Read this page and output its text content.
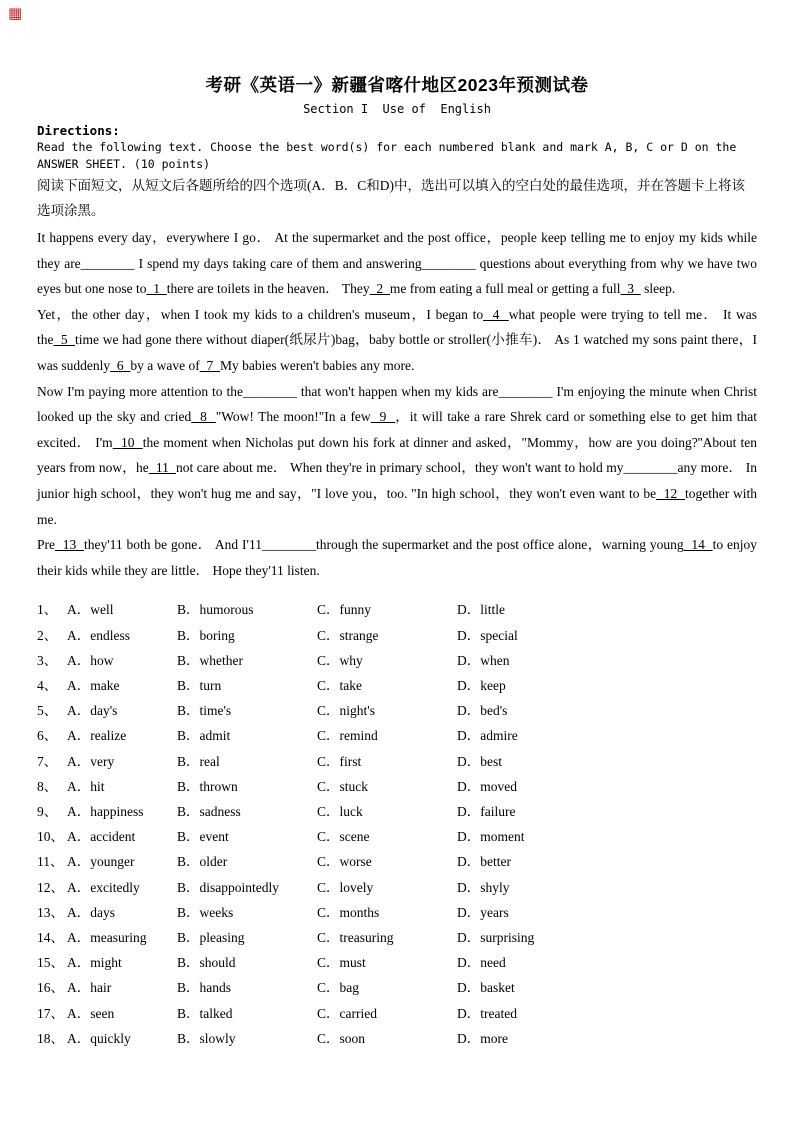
▦
考研《英语一》新疆省喀什地区2023年预测试卷
Section I  Use of  English
Directions:
Read the following text. Choose the best word(s) for each numbered blank and mark A, B, C or D on the ANSWER SHEET. (10 points)
阅读下面短文，从短文后各题所给的四个选项(A．B．C和D)中，选出可以填入的空白处的最佳选项，并在答题卡上将该选项涂黑。

It happens every day，everywhere I go． At the supermarket and the post office，people keep telling me to enjoy my kids while they are________ I spend my days taking care of them and answering________ questions about everything from why we have two eyes but one nose to  1  there are toilets in the heaven． They  2  me from eating a full meal or getting a full  3   sleep.

Yet，the other day，when I took my kids to a children's museum，I began to  4  what people were trying to tell me． It was the  5  time we had gone there without diaper(纸尿片)bag，baby bottle or stroller(小推车)． As 1 watched my sons paint there，I was suddenly  6  by a wave of  7  My babies weren't babies any more.

Now I'm paying more attention to the________ that won't happen when my kids are________ I'm enjoying the minute when Christ looked up the sky and cried  8  "Wow! The moon!"In a few  9  ，it will take a rare Shrek card or something else to get him that excited． I'm  10  the moment when Nicholas put down his fork at dinner and asked，"Mommy，how are you doing?''About ten years from now，he  11  not care about me． When they're in primary school，they won't want to hold my________any more． In junior high school，they won't hug me and say，"I love you，too. "In high school，they won't even want to be  12  together with me.

Pre  13  they'11 both be gone． And I'11________through the supermarket and the post office alone，warning young  14  to enjoy their kids while they are little． Hope they'11 listen.

1、 A．well	B．humorous	C．funny	D．little
2、 A．endless	B．boring	C．strange	D．special
3、 A．how	B．whether	C．why	D．when
4、 A．make	B．turn	C．take	D．keep
5、 A．day's	B．time's	C．night's	D．bed's
6、 A．realize	B．admit	C．remind	D．admire
7、 A．very	B．real	C．first	D．best
8、 A．hit	B．thrown	C．stuck	D．moved
9、 A．happiness	B．sadness	C．luck	D．failure
10、 A．accident	B．event	C．scene	D．moment
11、 A．younger	B．older	C．worse	D．better
12、 A．excitedly	B．disappointedly	C．lovely	D．shyly
13、 A．days	B．weeks	C．months	D．years
14、 A．measuring	B．pleasing	C．treasuring	D．surprising
15、 A．might	B．should	C．must	D．need
16、 A．hair	B．hands	C．bag	D．basket
17、 A．seen	B．talked	C．carried	D．treated
18、 A．quickly	B．slowly	C．soon	D．more
